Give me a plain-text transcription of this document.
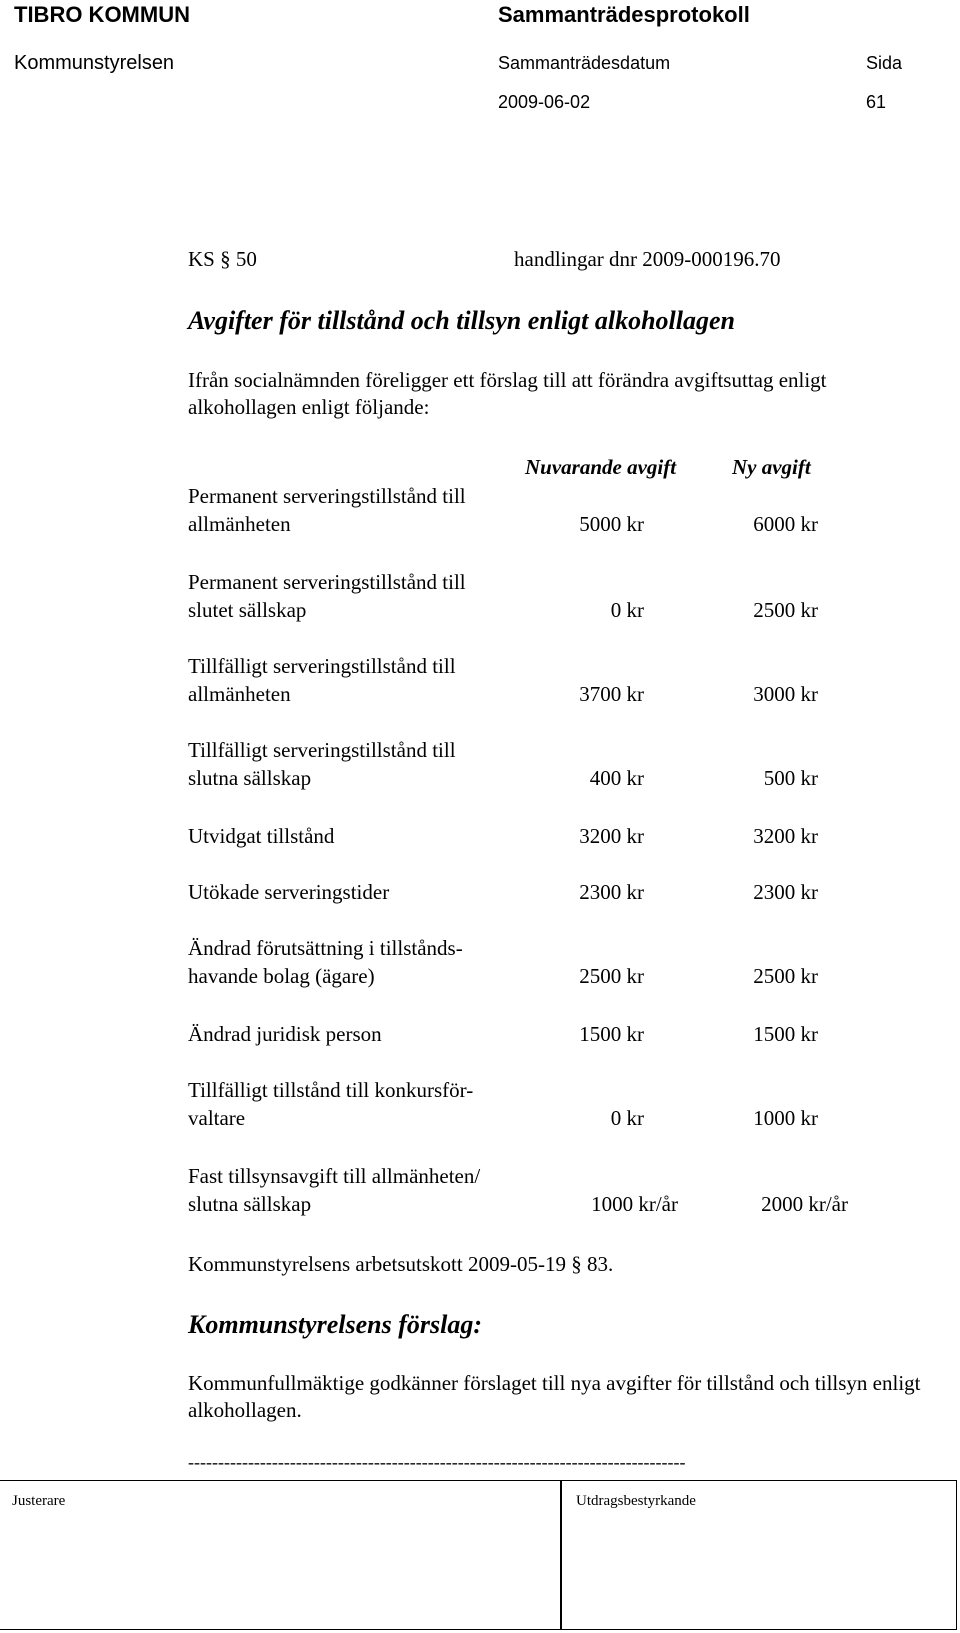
TIBRO KOMMUN	Sammanträdesprotokoll
Kommunstyrelsen	Sammanträdesdatum	Sida
2009-06-02	61
KS § 50	handlingar dnr 2009-000196.70
Avgifter för tillstånd och tillsyn enligt alkohollagen
Ifrån socialnämnden föreligger ett förslag till att förändra avgiftsuttag enligt alkohollagen enligt följande:
Nuvarande avgift	Ny avgift
Permanent serveringstillstånd till
allmänheten	5000 kr	6000 kr
Permanent serveringstillstånd till
slutet sällskap	0 kr	2500 kr
Tillfälligt serveringstillstånd till
allmänheten	3700 kr	3000 kr
Tillfälligt serveringstillstånd till
slutna sällskap	400 kr	500 kr
Utvidgat tillstånd	3200 kr	3200 kr
Utökade serveringstider	2300 kr	2300 kr
Ändrad förutsättning i tillstånds-
havande bolag (ägare)	2500 kr	2500 kr
Ändrad juridisk person	1500 kr	1500 kr
Tillfälligt tillstånd till konkursför-
valtare	0 kr	1000 kr
Fast tillsynsavgift till allmänheten/
slutna sällskap	1000 kr/år	2000 kr/år
Kommunstyrelsens arbetsutskott 2009-05-19 § 83.
Kommunstyrelsens förslag:
Kommunfullmäktige godkänner förslaget till nya avgifter för tillstånd och tillsyn enligt alkohollagen.
-----------------------------------------------------------------------------------
Justerare	Utdragsbestyrkande
